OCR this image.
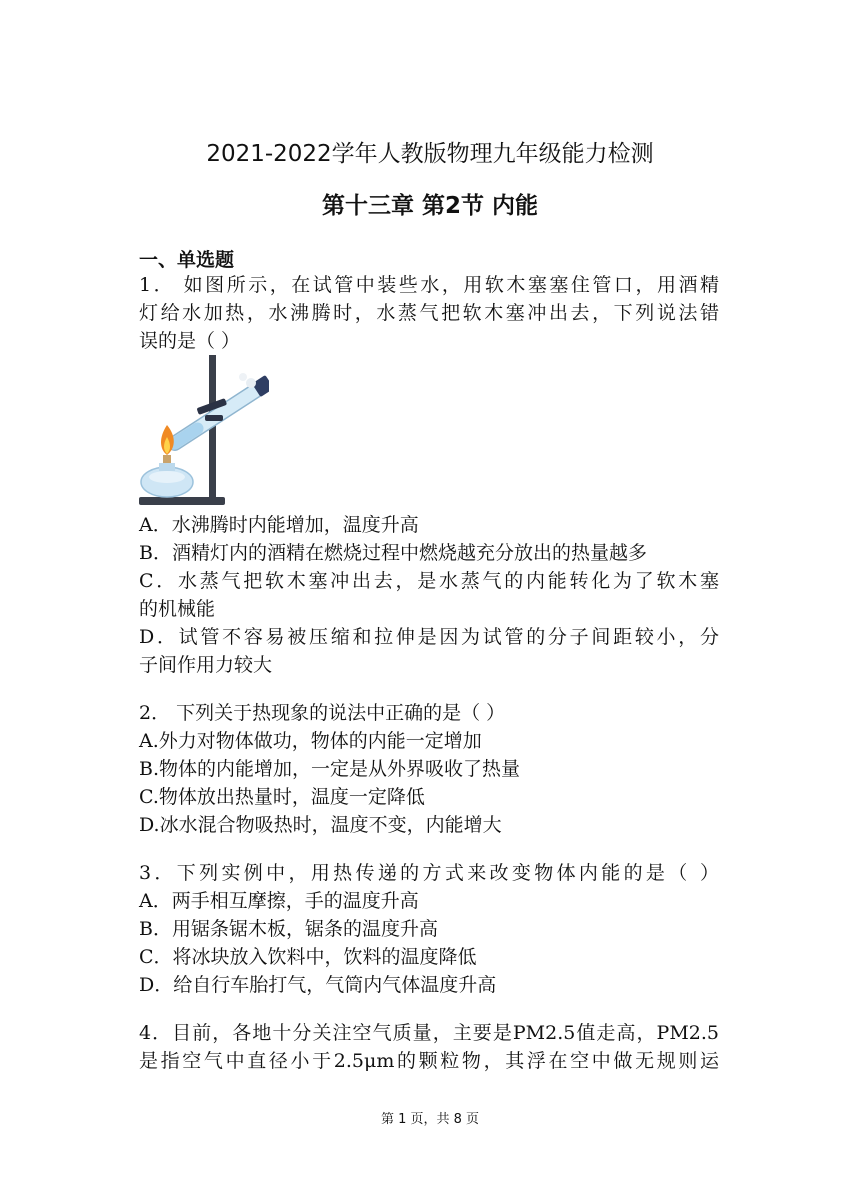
2021-2022学年人教版物理九年级能力检测
第十三章 第2节 内能
一、单选题
1． 如图所示，在试管中装些水，用软木塞塞住管口，用酒精
灯给水加热，水沸腾时，水蒸气把软木塞冲出去，下列说法错
误的是（ ）
A．水沸腾时内能增加，温度升高
B．酒精灯内的酒精在燃烧过程中燃烧越充分放出的热量越多
C．水蒸气把软木塞冲出去，是水蒸气的内能转化为了软木塞
的机械能
D．试管不容易被压缩和拉伸是因为试管的分子间距较小，分
子间作用力较大
2． 下列关于热现象的说法中正确的是（ ）
A.外力对物体做功，物体的内能一定增加
B.物体的内能增加，一定是从外界吸收了热量
C.物体放出热量时，温度一定降低
D.冰水混合物吸热时，温度不变，内能增大
3．下列实例中，用热传递的方式来改变物体内能的是（ ）
A．两手相互摩擦，手的温度升高
B．用锯条锯木板，锯条的温度升高
C．将冰块放入饮料中，饮料的温度降低
D．给自行车胎打气，气筒内气体温度升高
4．目前，各地十分关注空气质量，主要是PM2.5值走高，PM2.5
是指空气中直径小于2.5μm的颗粒物，其浮在空中做无规则运
第 1 页，共 8 页
